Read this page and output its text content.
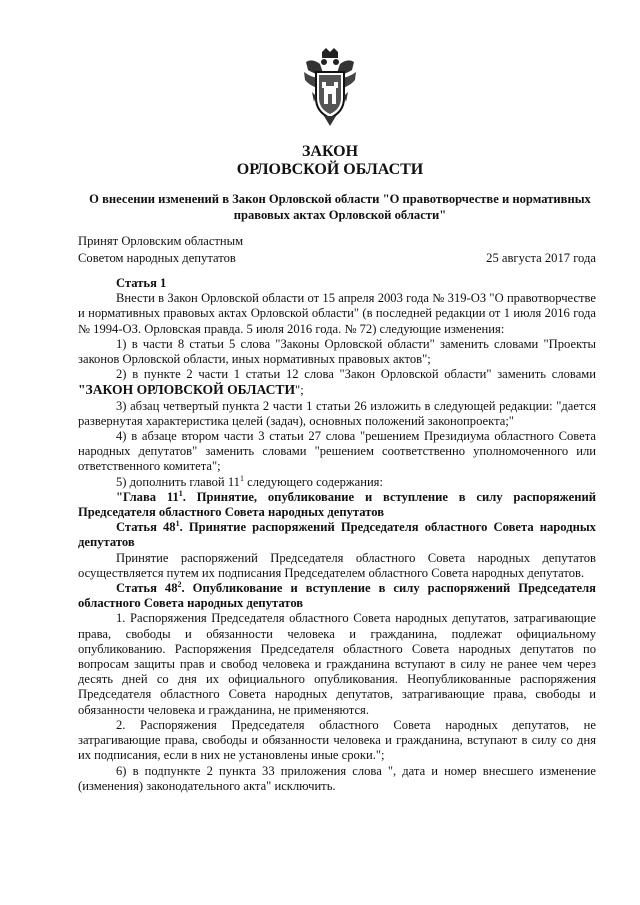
ЗАКОН
ОРЛОВСКОЙ ОБЛАСТИ
О внесении изменений в Закон Орловской области "О правотворчестве и нормативных правовых актах Орловской области"
Принят Орловским областным
Советом народных депутатов	25 августа 2017 года

Статья 1

Внести в Закон Орловской области от 15 апреля 2003 года № 319-ОЗ "О правотворчестве и нормативных правовых актах Орловской области" (в последней редакции от 1 июля 2016 года № 1994-ОЗ. Орловская правда. 5 июля 2016 года. № 72) следующие изменения:

1) в части 8 статьи 5 слова "Законы Орловской области" заменить словами "Проекты законов Орловской области, иных нормативных правовых актов";

2) в пункте 2 части 1 статьи 12 слова "Закон Орловской области" заменить словами "ЗАКОН ОРЛОВСКОЙ ОБЛАСТИ";

3) абзац четвертый пункта 2 части 1 статьи 26 изложить в следующей редакции: "дается развернутая характеристика целей (задач), основных положений законопроекта;"

4) в абзаце втором части 3 статьи 27 слова "решением Президиума областного Совета народных депутатов" заменить словами "решением соответственно уполномоченного или ответственного комитета";

5) дополнить главой $11^1$ следующего содержания:

"Глава $11^1$. Принятие, опубликование и вступление в силу распоряжений Председателя областного Совета народных депутатов

Статья $48^1$. Принятие распоряжений Председателя областного Совета народных депутатов

Принятие распоряжений Председателя областного Совета народных депутатов осуществляется путем их подписания Председателем областного Совета народных депутатов.

Статья $48^2$. Опубликование и вступление в силу распоряжений Председателя областного Совета народных депутатов

1. Распоряжения Председателя областного Совета народных депутатов, затрагивающие права, свободы и обязанности человека и гражданина, подлежат официальному опубликованию. Распоряжения Председателя областного Совета народных депутатов по вопросам защиты прав и свобод человека и гражданина вступают в силу не ранее чем через десять дней со дня их официального опубликования. Неопубликованные распоряжения Председателя областного Совета народных депутатов, затрагивающие права, свободы и обязанности человека и гражданина, не применяются.

2. Распоряжения Председателя областного Совета народных депутатов, не затрагивающие права, свободы и обязанности человека и гражданина, вступают в силу со дня их подписания, если в них не установлены иные сроки.";

6) в подпункте 2 пункта 33 приложения слова ", дата и номер внесшего изменение (изменения) законодательного акта" исключить.
